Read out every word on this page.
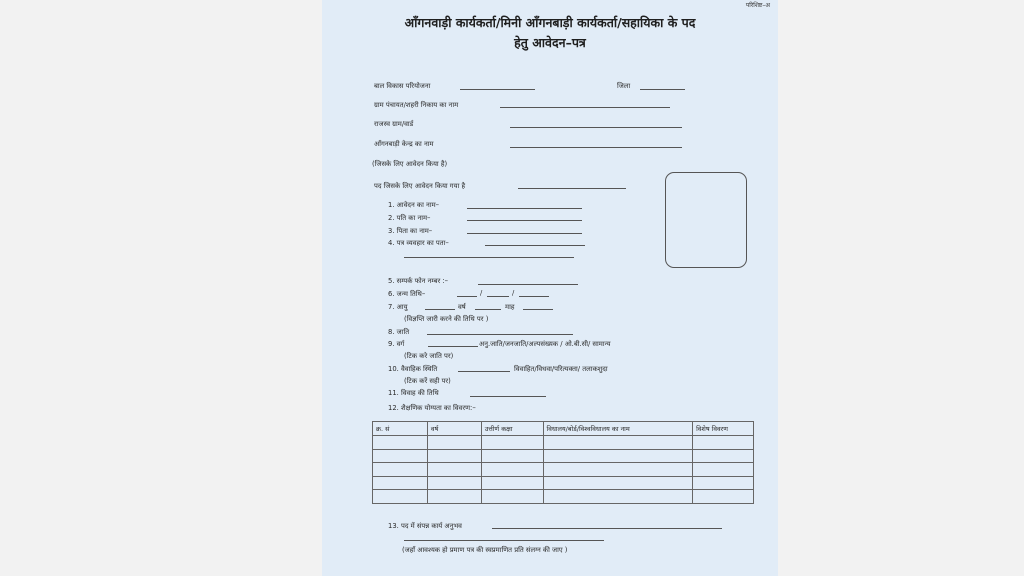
परिशिष्ट–अ
आँगनवाड़ी कार्यकर्ता/मिनी आँगनबाड़ी कार्यकर्ता/सहायिका के पद
हेतु आवेदन–पत्र
बाल विकास परियोजना	जिला
ग्राम पंचायत/शहरी निकाय का नाम
राजस्व ग्राम/वार्ड
आँगनबाड़ी केन्द्र का नाम
(जिसके लिए आवेदन किया है)
पद जिसके लिए आवेदन किया गया है
1. आवेदन का नाम–
2. पति का नाम–
3. पिता का नाम–
4. पत्र व्यवहार का पता–
5. सम्पर्क फोन नम्बर :–
6. जन्म तिथि–	/	/
7. आयु	वर्ष	माह
(विज्ञप्ति जारी करने की तिथि पर )
8. जाति
9. वर्ग	अनु.जाति/जनजाति/अल्पसंख्यक / ओ.बी.सी/ सामान्य
(टिक करे जाति पर)
10. वैवाहिक स्थिति	विवाहित/विधवा/परित्यक्ता/ तलाकशुदा
(टिक करें सही पर)
11. विवाह की तिथि
12. शैक्षणिक योग्यता का विवरण:–
क्र. सं	वर्ष	उत्तीर्ण कक्षा	विधालय/बोर्ड/विश्वविधालय का नाम	विशेष विवरण

13. पद में संपन्न कार्य अनुभव
(जहाँ आवश्यक हो प्रमाण पत्र की स्वप्रमाणित प्रति संलग्न की जाए )
